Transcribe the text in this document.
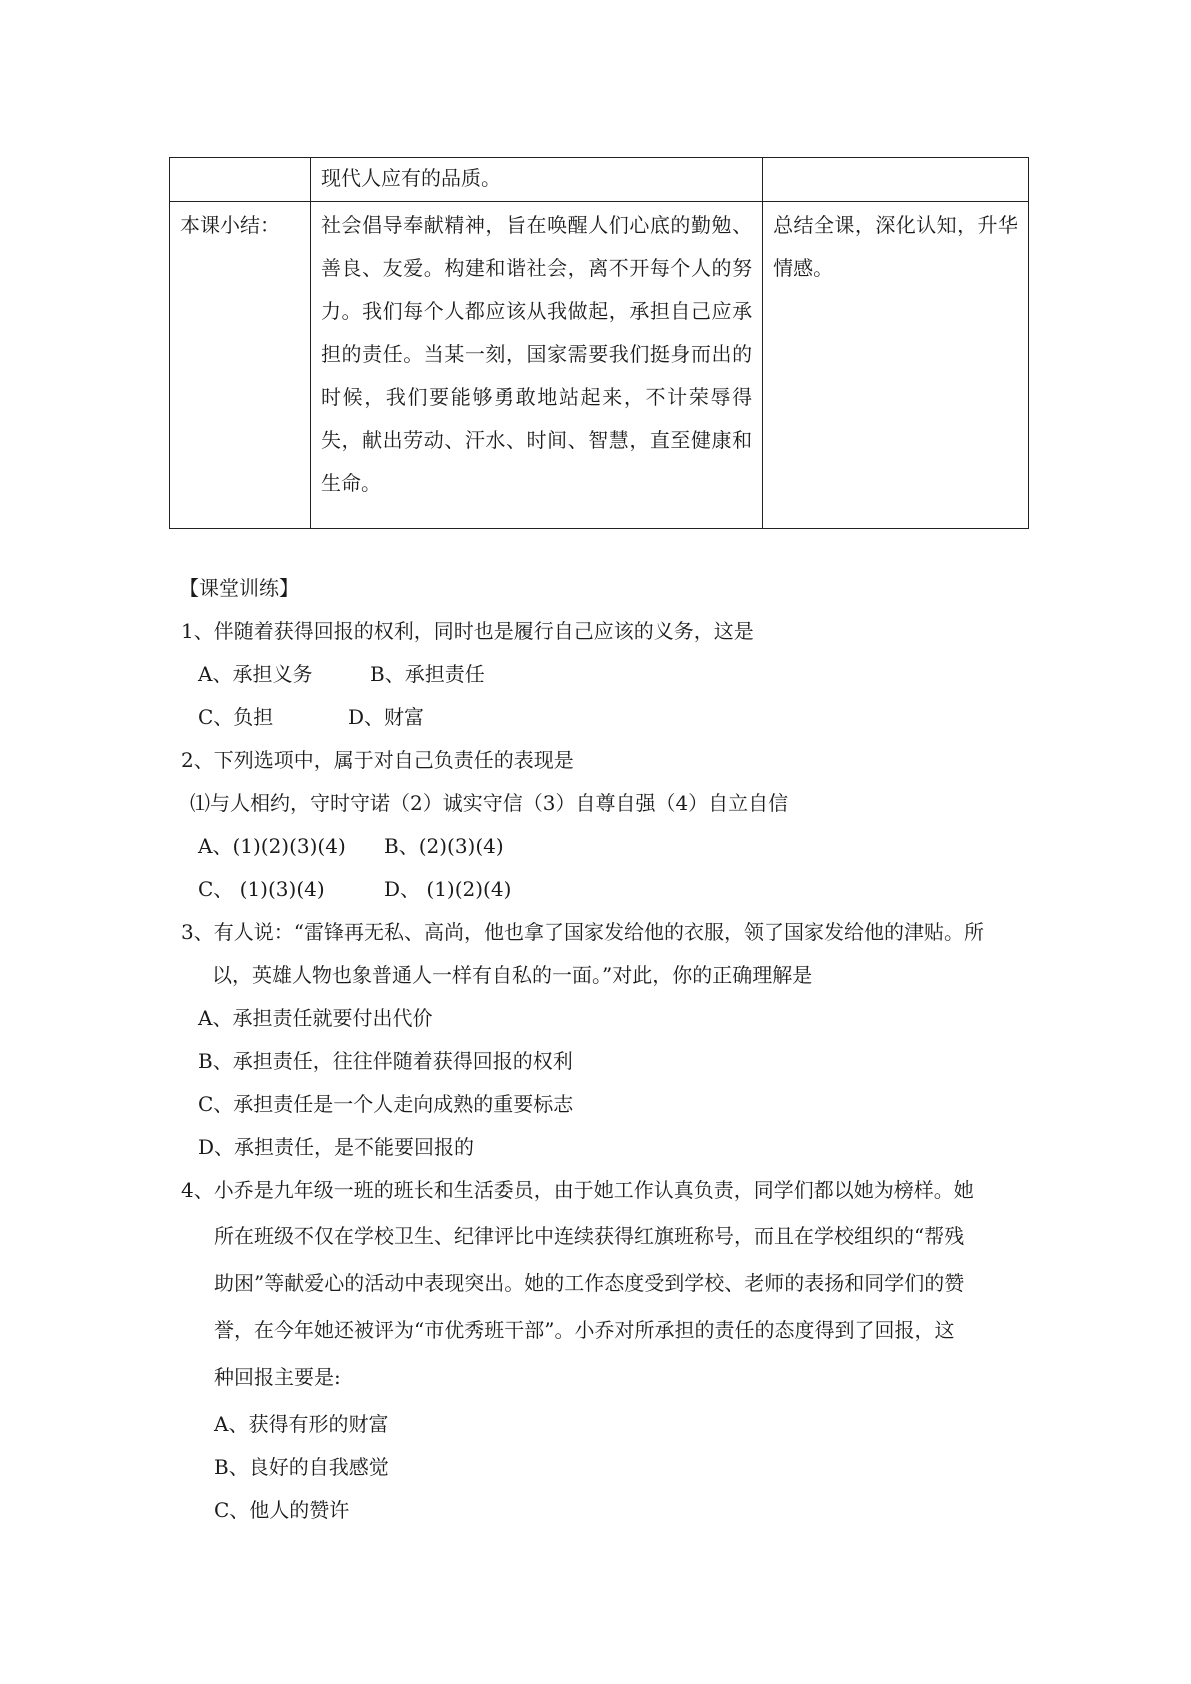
	现代人应有的品质。	
本课小结：	社会倡导奉献精神，旨在唤醒人们心底的勤勉、善良、友爱。构建和谐社会，离不开每个人的努力。我们每个人都应该从我做起，承担自己应承担的责任。当某一刻，国家需要我们挺身而出的时候，我们要能够勇敢地站起来，不计荣辱得失，献出劳动、汗水、时间、智慧，直至健康和生命。	总结全课，深化认知，升华情感。
【课堂训练】
1、伴随着获得回报的权利，同时也是履行自己应该的义务，这是
A、承担义务	B、承担责任
C、负担	D、财富
2、下列选项中，属于对自己负责任的表现是
⑴与人相约，守时守诺（2）诚实守信（3）自尊自强（4）自立自信
A、(1)(2)(3)(4) B、(2)(3)(4)
C、 (1)(3)(4)	D、 (1)(2)(4)
3、有人说：“雷锋再无私、高尚，他也拿了国家发给他的衣服，领了国家发给他的津贴。所
以，英雄人物也象普通人一样有自私的一面。”对此，你的正确理解是
A、承担责任就要付出代价
B、承担责任，往往伴随着获得回报的权利
C、承担责任是一个人走向成熟的重要标志
D、承担责任，是不能要回报的
4、小乔是九年级一班的班长和生活委员，由于她工作认真负责，同学们都以她为榜样。她
所在班级不仅在学校卫生、纪律评比中连续获得红旗班称号，而且在学校组织的“帮残
助困”等献爱心的活动中表现突出。她的工作态度受到学校、老师的表扬和同学们的赞
誉，在今年她还被评为“市优秀班干部”。小乔对所承担的责任的态度得到了回报，这
种回报主要是:
A、获得有形的财富
B、良好的自我感觉
C、他人的赞许
